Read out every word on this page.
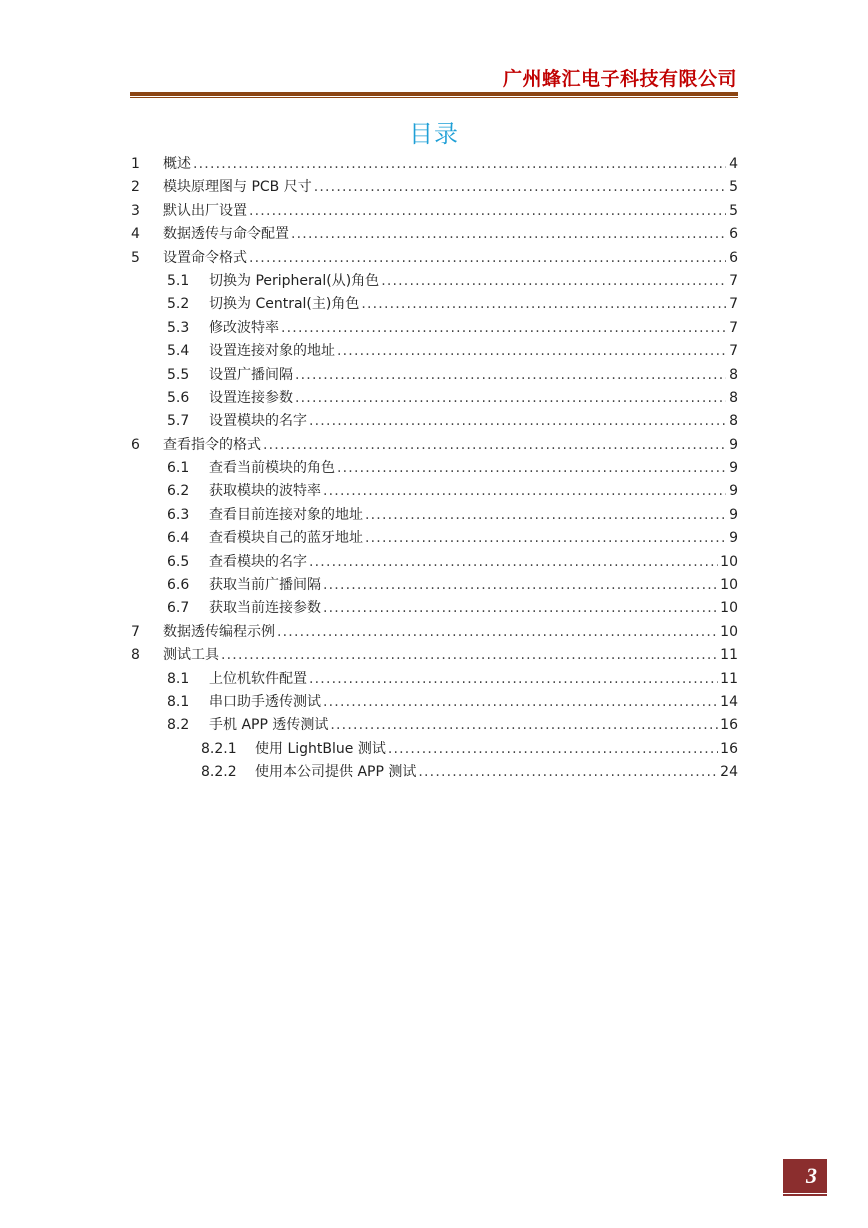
广州蜂汇电子科技有限公司
目录
1 概述 .....	4
2 模块原理图与 PCB 尺寸 .....	5
3 默认出厂设置 .....	5
4 数据透传与命令配置 .....	6
5 设置命令格式 .....	6
5.1 切换为 Peripheral(从)角色 .....	7
5.2 切换为 Central(主)角色 .....	7
5.3 修改波特率 .....	7
5.4 设置连接对象的地址 .....	7
5.5 设置广播间隔 .....	8
5.6 设置连接参数 .....	8
5.7 设置模块的名字 .....	8
6 查看指令的格式 .....	9
6.1 查看当前模块的角色 .....	9
6.2 获取模块的波特率 .....	9
6.3 查看目前连接对象的地址 .....	9
6.4 查看模块自己的蓝牙地址 .....	9
6.5 查看模块的名字 .....	10
6.6 获取当前广播间隔 .....	10
6.7 获取当前连接参数 .....	10
7 数据透传编程示例 .....	10
8 测试工具 .....	11
8.1 上位机软件配置 .....	11
8.1 串口助手透传测试 .....	14
8.2 手机 APP 透传测试 .....	16
8.2.1 使用 LightBlue 测试 .....	16
8.2.2 使用本公司提供 APP 测试 .....	24
3
